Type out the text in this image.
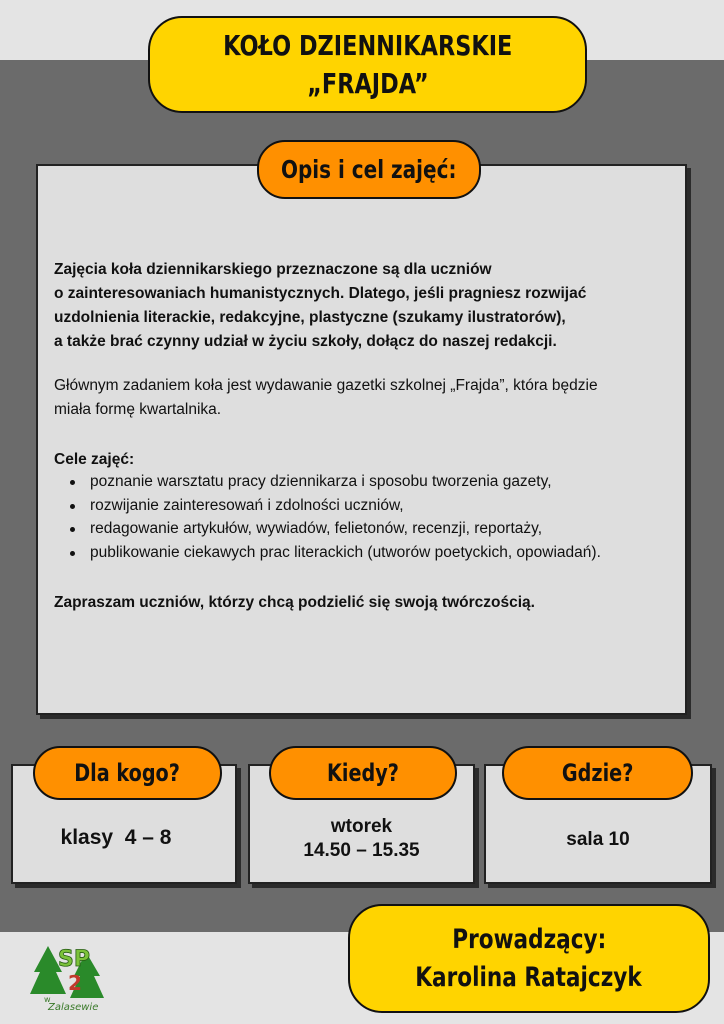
KOŁO DZIENNIKARSKIE
„FRAJDA”
Opis i cel zajęć:
Zajęcia koła dziennikarskiego przeznaczone są dla uczniów
o zainteresowaniach humanistycznych. Dlatego, jeśli pragniesz rozwijać
uzdolnienia literackie, redakcyjne, plastyczne (szukamy ilustratorów),
a także brać czynny udział w życiu szkoły, dołącz do naszej redakcji.
Głównym zadaniem koła jest wydawanie gazetki szkolnej „Frajda”, która będzie
miała formę kwartalnika.
Cele zajęć:
poznanie warsztatu pracy dziennikarza i sposobu tworzenia gazety,
rozwijanie zainteresowań i zdolności uczniów,
redagowanie artykułów, wywiadów, felietonów, recenzji, reportaży,
publikowanie ciekawych prac literackich (utworów poetyckich, opowiadań).
Zapraszam uczniów, którzy chcą podzielić się swoją twórczością.
Dla kogo?	Kiedy?	Gdzie?
klasy  4 – 8	wtorek
14.50 – 15.35
sala 10
Prowadzący:
Karolina Ratajczyk
SP
2
w
Zalasewie
